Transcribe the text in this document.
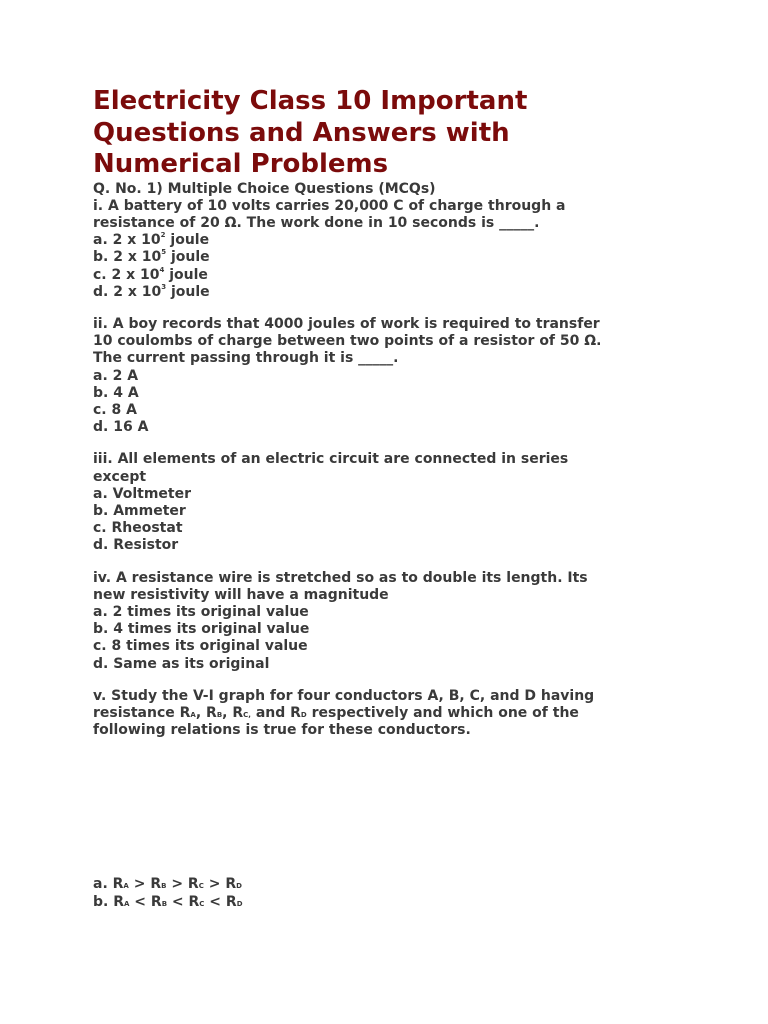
Electricity Class 10 Important
Questions and Answers with
Numerical Problems
Q. No. 1) Multiple Choice Questions (MCQs)
i. A battery of 10 volts carries 20,000 C of charge through a
resistance of 20 Ω. The work done in 10 seconds is _____.
a. 2 x $10^2$ joule
b. 2 x $10^5$ joule
c. 2 x $10^4$ joule
d. 2 x $10^3$ joule
ii. A boy records that 4000 joules of work is required to transfer
10 coulombs of charge between two points of a resistor of 50 Ω.
The current passing through it is _____.
a. 2 A
b. 4 A
c. 8 A
d. 16 A
iii. All elements of an electric circuit are connected in series
except
a. Voltmeter
b. Ammeter
c. Rheostat
d. Resistor
iv. A resistance wire is stretched so as to double its length. Its
new resistivity will have a magnitude
a. 2 times its original value
b. 4 times its original value
c. 8 times its original value
d. Same as its original
v. Study the V-I graph for four conductors A, B, C, and D having
resistance RA, RB, RC, and RD respectively and which one of the
following relations is true for these conductors.
a. RA > RB > RC > RD
b. RA < RB < RC < RD
